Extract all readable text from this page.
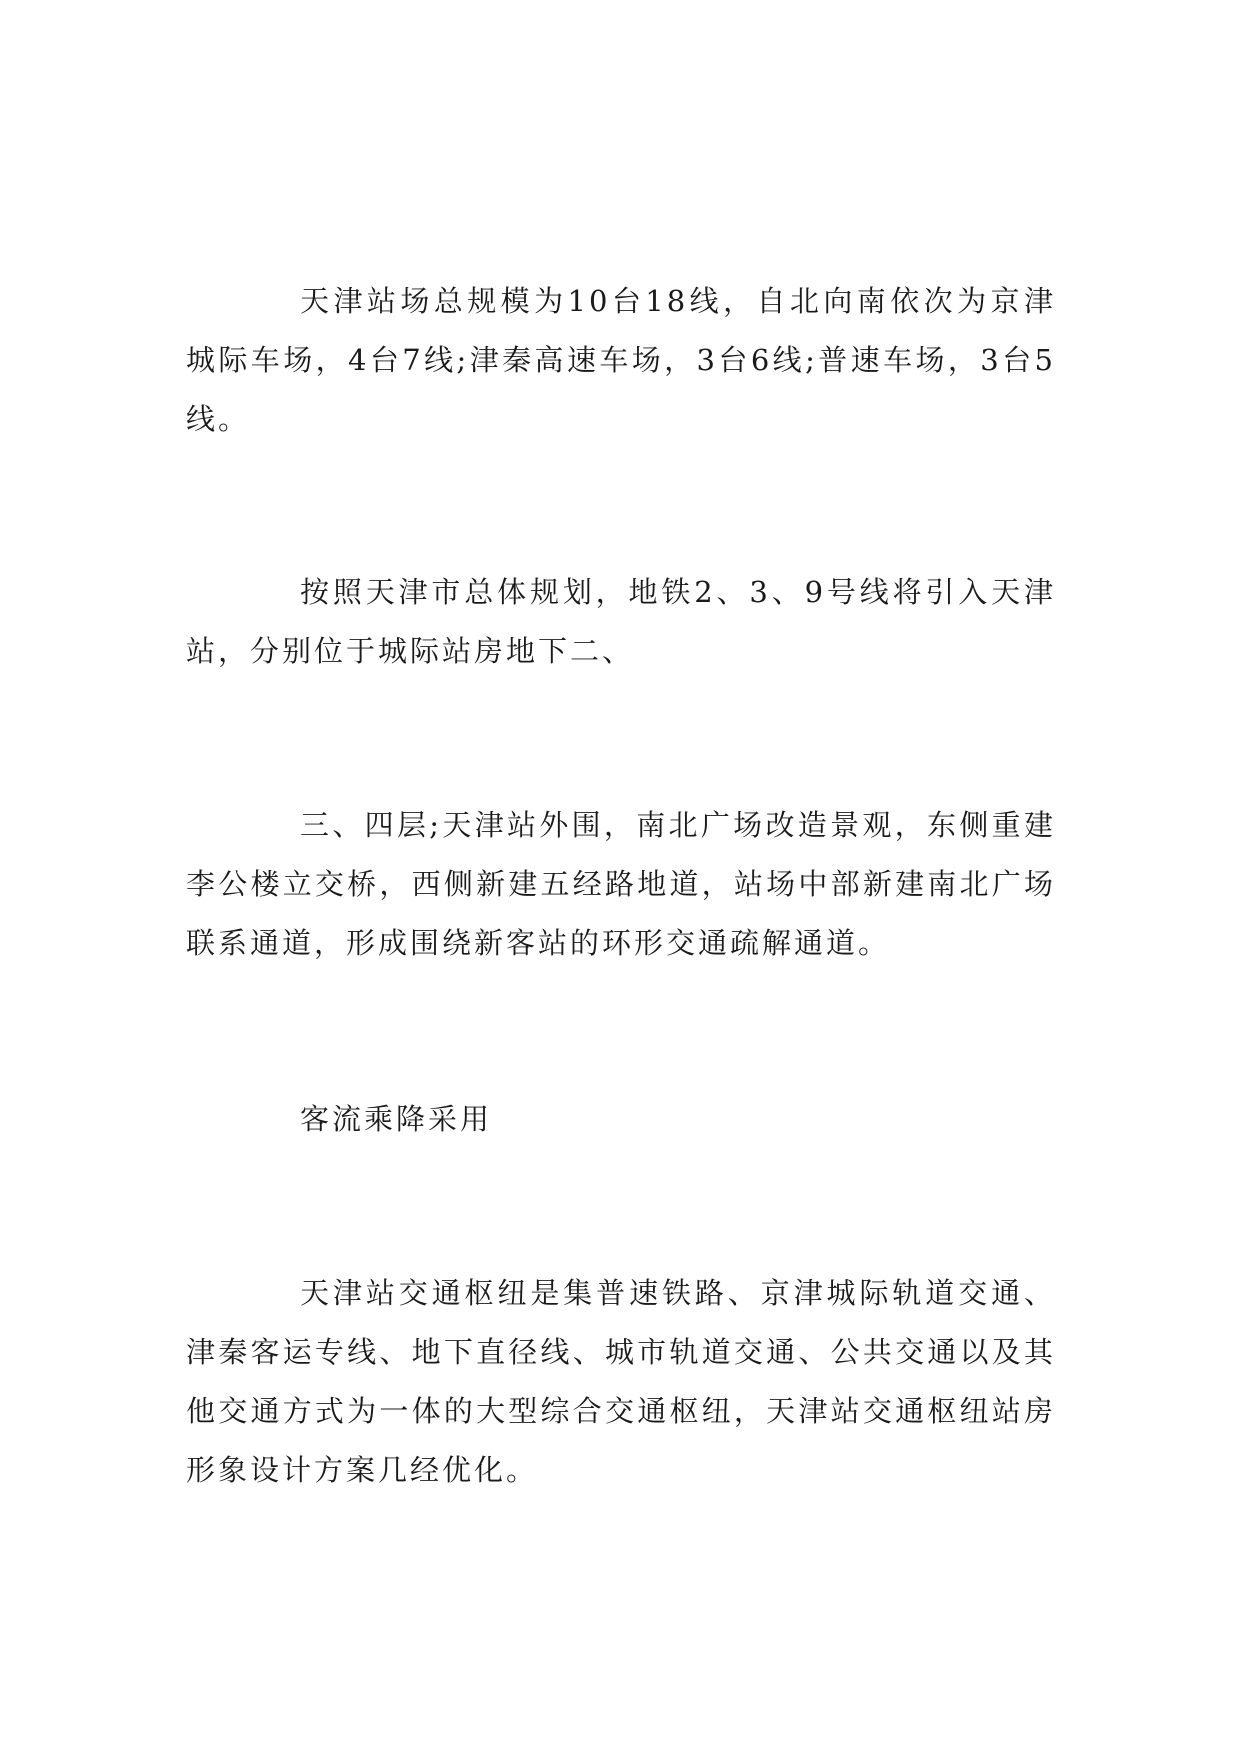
天津站场总规模为10台18线，自北向南依次为京津城际车场，4台7线;津秦高速车场，3台6线;普速车场，3台5线。

按照天津市总体规划，地铁2、3、9号线将引入天津站，分别位于城际站房地下二、

三、四层;天津站外围，南北广场改造景观，东侧重建李公楼立交桥，西侧新建五经路地道，站场中部新建南北广场联系通道，形成围绕新客站的环形交通疏解通道。

客流乘降采用

天津站交通枢纽是集普速铁路、京津城际轨道交通、津秦客运专线、地下直径线、城市轨道交通、公共交通以及其他交通方式为一体的大型综合交通枢纽，天津站交通枢纽站房形象设计方案几经优化。
